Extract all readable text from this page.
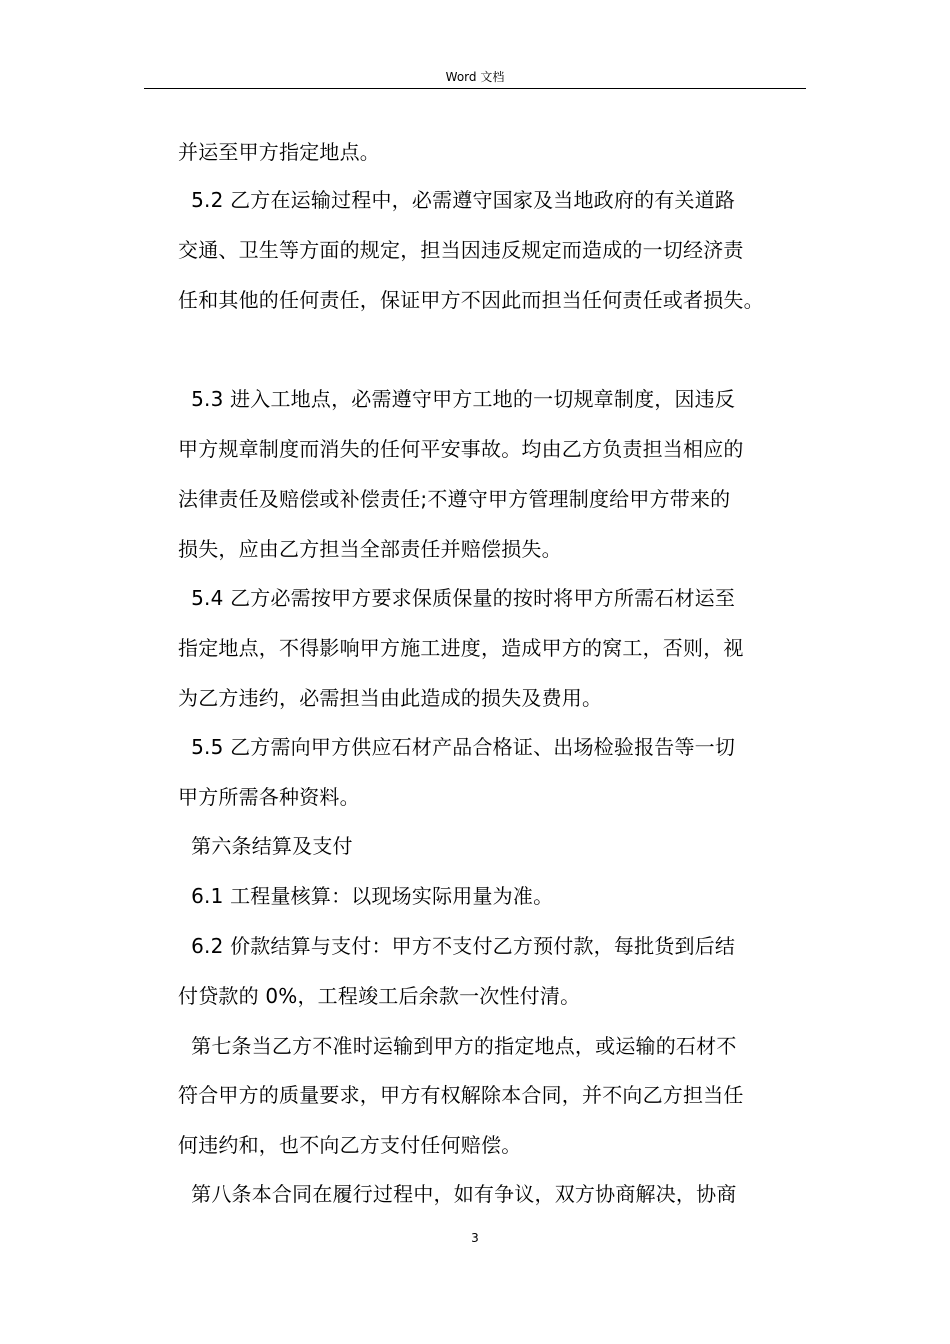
Word 文档
并运至甲方指定地点。
5.2 乙方在运输过程中，必需遵守国家及当地政府的有关道路
交通、卫生等方面的规定，担当因违反规定而造成的一切经济责
任和其他的任何责任，保证甲方不因此而担当任何责任或者损失。
5.3 进入工地点，必需遵守甲方工地的一切规章制度，因违反
甲方规章制度而消失的任何平安事故。均由乙方负责担当相应的
法律责任及赔偿或补偿责任;不遵守甲方管理制度给甲方带来的
损失，应由乙方担当全部责任并赔偿损失。
5.4 乙方必需按甲方要求保质保量的按时将甲方所需石材运至
指定地点，不得影响甲方施工进度，造成甲方的窝工，否则，视
为乙方违约，必需担当由此造成的损失及费用。
5.5 乙方需向甲方供应石材产品合格证、出场检验报告等一切
甲方所需各种资料。
第六条结算及支付
6.1 工程量核算：以现场实际用量为准。
6.2 价款结算与支付：甲方不支付乙方预付款，每批货到后结
付贷款的 0%，工程竣工后余款一次性付清。
第七条当乙方不准时运输到甲方的指定地点，或运输的石材不
符合甲方的质量要求，甲方有权解除本合同，并不向乙方担当任
何违约和，也不向乙方支付任何赔偿。
第八条本合同在履行过程中，如有争议，双方协商解决，协商
3
